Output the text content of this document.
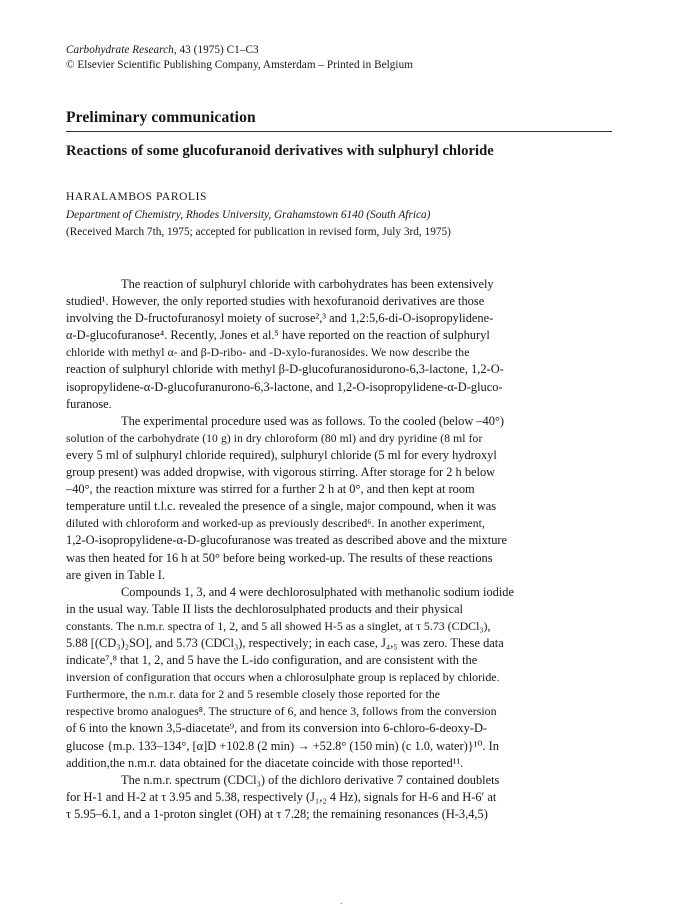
Carbohydrate Research, 43 (1975) C1–C3
© Elsevier Scientific Publishing Company, Amsterdam – Printed in Belgium
Preliminary communication
Reactions of some glucofuranoid derivatives with sulphuryl chloride
HARALAMBOS PAROLIS
Department of Chemistry, Rhodes University, Grahamstown 6140 (South Africa)
(Received March 7th, 1975; accepted for publication in revised form, July 3rd, 1975)
The reaction of sulphuryl chloride with carbohydrates has been extensively
studied¹. However, the only reported studies with hexofuranoid derivatives are those
involving the D-fructofuranosyl moiety of sucrose²,³ and 1,2:5,6-di-O-isopropylidene-
α-D-glucofuranose⁴. Recently, Jones et al.⁵ have reported on the reaction of sulphuryl
chloride with methyl α- and β-D-ribo- and -D-xylo-furanosides. We now describe the
reaction of sulphuryl chloride with methyl β-D-glucofuranosidurono-6,3-lactone, 1,2-O-
isopropylidene-α-D-glucofuranurono-6,3-lactone, and 1,2-O-isopropylidene-α-D-gluco-
furanose.
The experimental procedure used was as follows. To the cooled (below –40°)
solution of the carbohydrate (10 g) in dry chloroform (80 ml) and dry pyridine (8 ml for
every 5 ml of sulphuryl chloride required), sulphuryl chloride (5 ml for every hydroxyl
group present) was added dropwise, with vigorous stirring. After storage for 2 h below
–40°, the reaction mixture was stirred for a further 2 h at 0°, and then kept at room
temperature until t.l.c. revealed the presence of a single, major compound, when it was
diluted with chloroform and worked-up as previously described⁶. In another experiment,
1,2-O-isopropylidene-α-D-glucofuranose was treated as described above and the mixture
was then heated for 16 h at 50° before being worked-up. The results of these reactions
are given in Table I.
Compounds 1, 3, and 4 were dechlorosulphated with methanolic sodium iodide
in the usual way. Table II lists the dechlorosulphated products and their physical
constants. The n.m.r. spectra of 1, 2, and 5 all showed H-5 as a singlet, at τ 5.73 (CDCl₃),
5.88 [(CD₃)₂SO], and 5.73 (CDCl₃), respectively; in each case, J₄,₅ was zero. These data
indicate⁷,⁸ that 1, 2, and 5 have the L-ido configuration, and are consistent with the
inversion of configuration that occurs when a chlorosulphate group is replaced by chloride.
Furthermore, the n.m.r. data for 2 and 5 resemble closely those reported for the
respective bromo analogues⁸. The structure of 6, and hence 3, follows from the conversion
of 6 into the known 3,5-diacetate⁹, and from its conversion into 6-chloro-6-deoxy-D-
glucose {m.p. 133–134°, [α]D +102.8 (2 min) → +52.8° (150 min) (c 1.0, water)}¹⁰. In
addition,the n.m.r. data obtained for the diacetate coincide with those reported¹¹.
The n.m.r. spectrum (CDCl₃) of the dichloro derivative 7 contained doublets
for H-1 and H-2 at τ 3.95 and 5.38, respectively (J₁,₂ 4 Hz), signals for H-6 and H-6′ at
τ 5.95–6.1, and a 1-proton singlet (OH) at τ 7.28; the remaining resonances (H-3,4,5)
.
